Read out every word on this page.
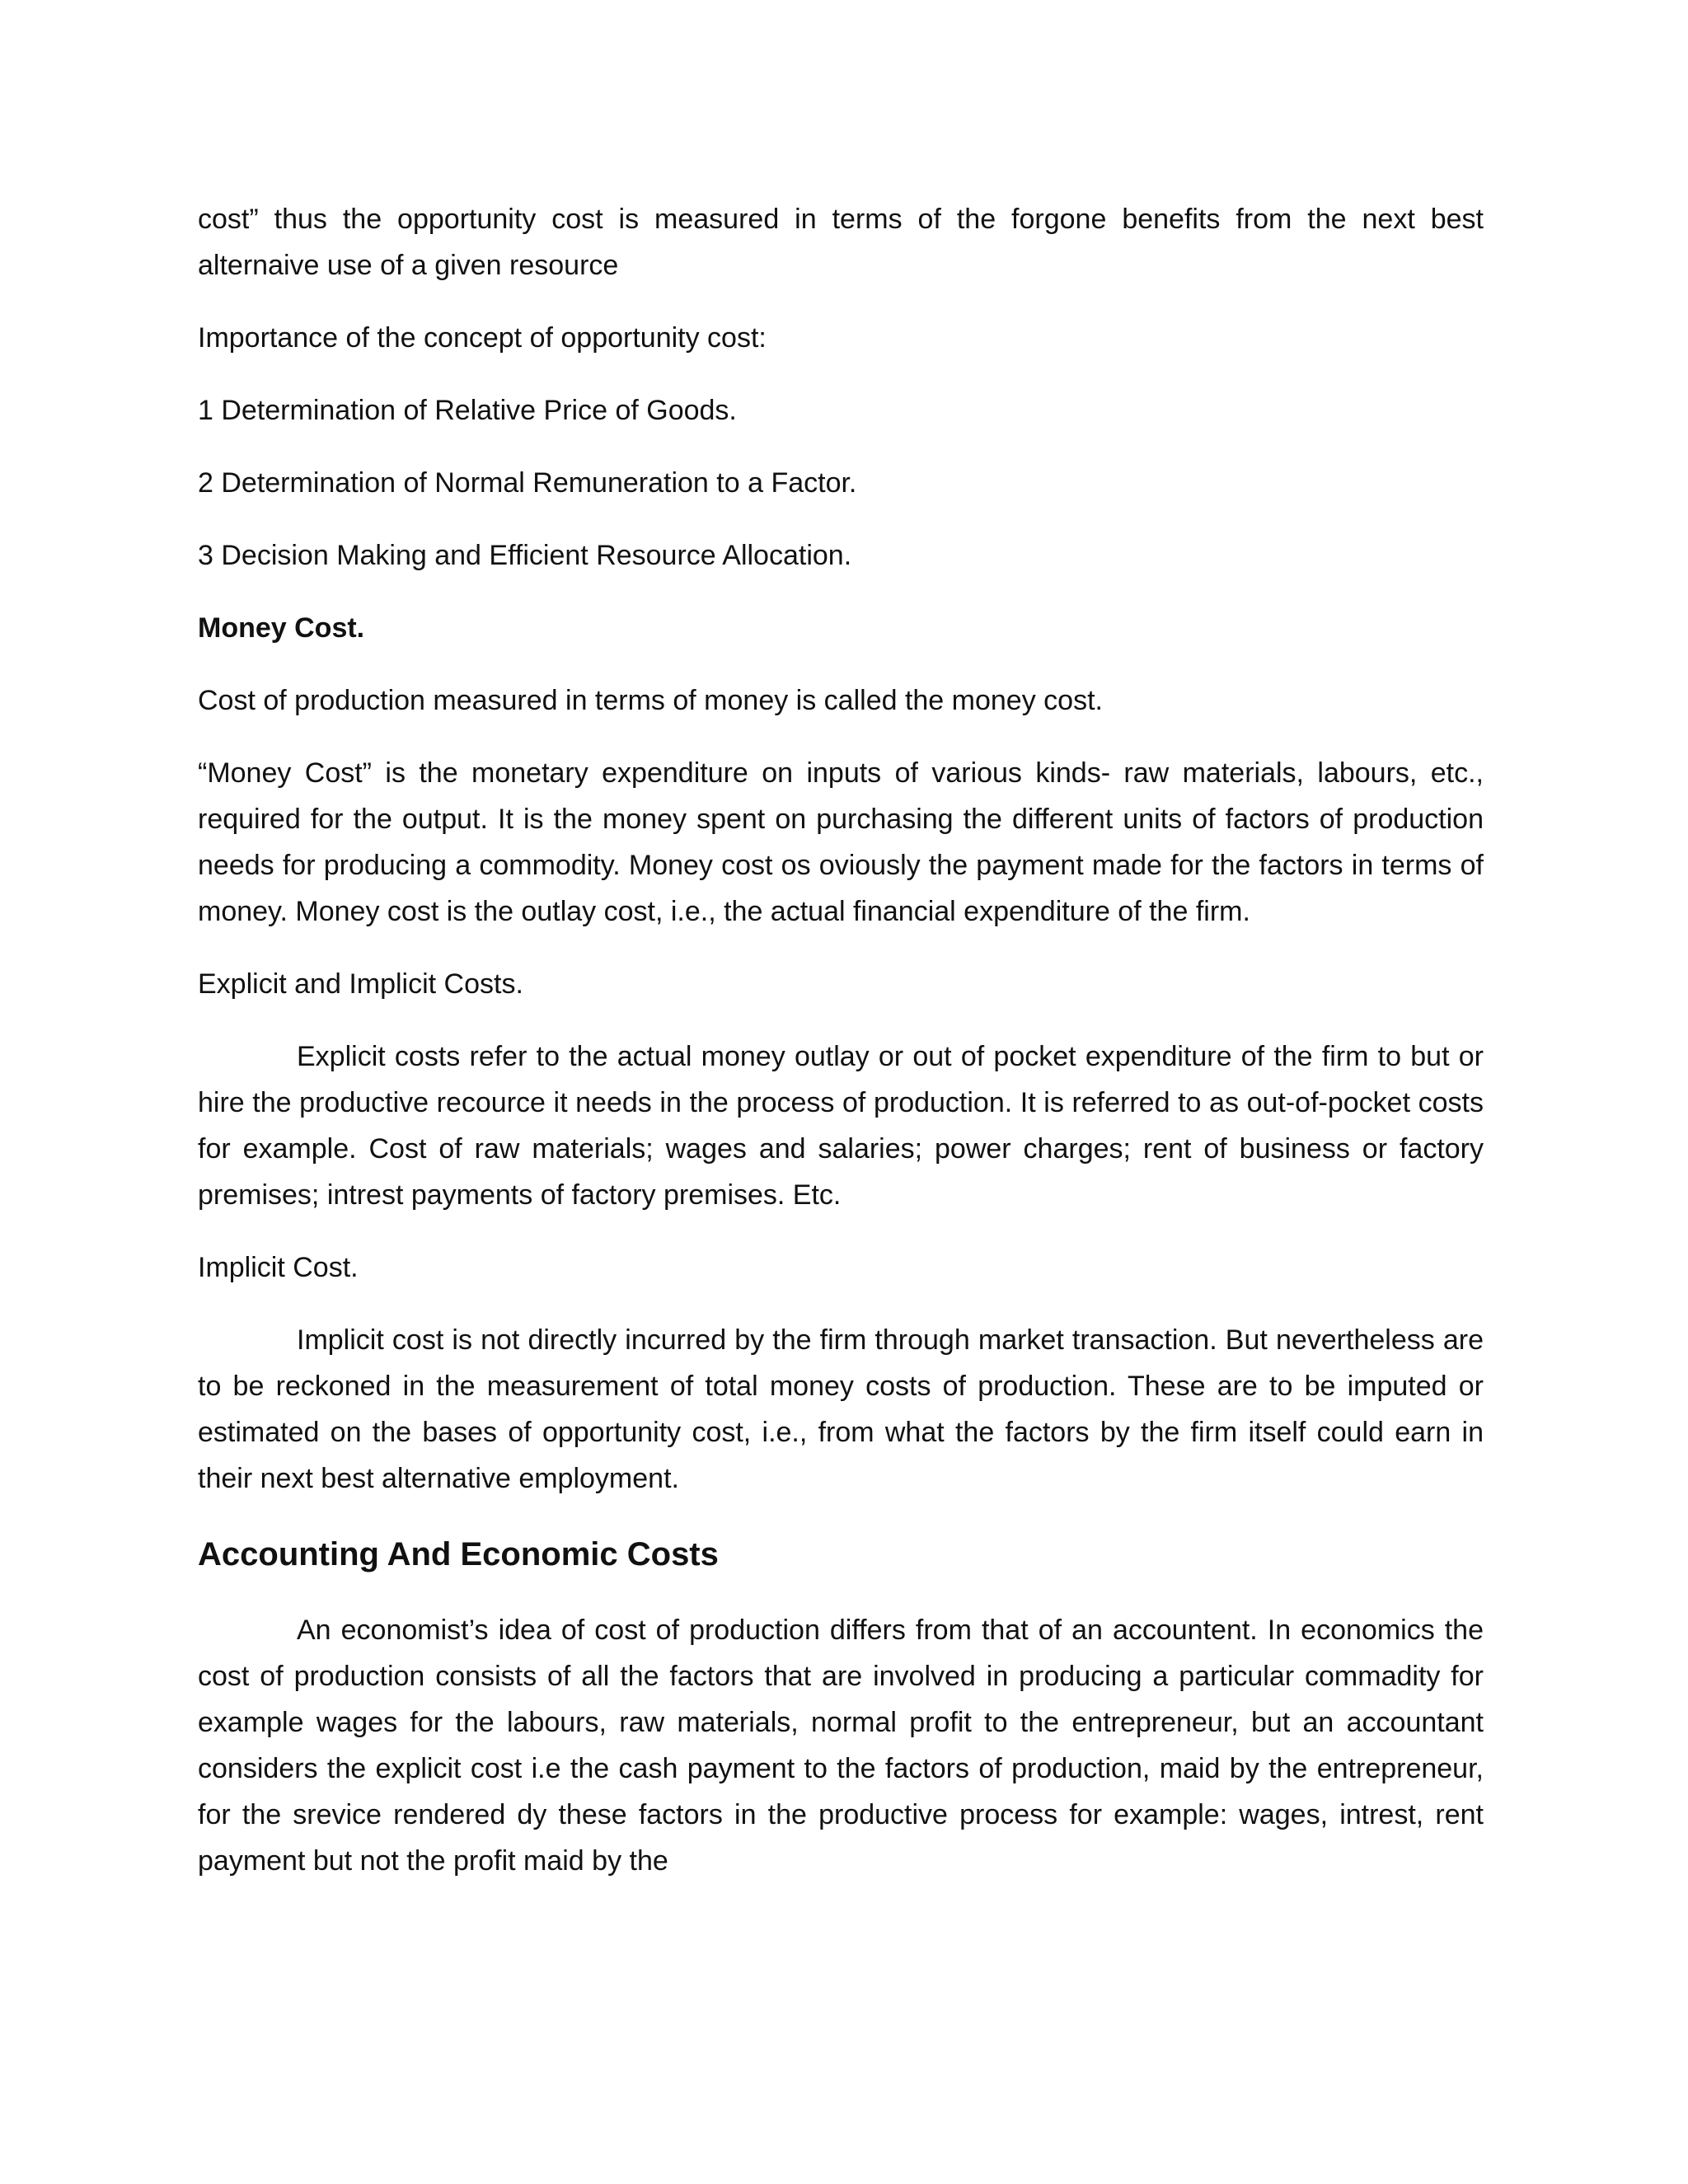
cost” thus the opportunity cost is measured in terms of the forgone benefits from the next best alternaive use of a given resource

Importance of the concept of opportunity cost:

1 Determination of Relative Price of Goods.

2 Determination of Normal Remuneration to a Factor.

3 Decision Making and Efficient Resource Allocation.

Money Cost.

Cost of production measured in terms of money is called the money cost.

“Money Cost” is the monetary expenditure on inputs of various kinds- raw materials, labours, etc., required for the output. It is the money spent on purchasing the different units of factors of production needs for producing a commodity. Money cost os oviously the payment made for the factors in terms of money. Money cost is the outlay cost, i.e., the actual financial expenditure of the firm.

Explicit and Implicit Costs.

Explicit costs refer to the actual money outlay or out of pocket expenditure of the firm to but or hire the productive recource it needs in the process of production. It is referred to as out-of-pocket costs for example. Cost of raw materials; wages and salaries; power charges; rent of business or factory premises; intrest payments of factory premises. Etc.

Implicit Cost.

Implicit cost is not directly incurred by the firm through market transaction. But nevertheless are to be reckoned in the measurement of total money costs of production. These are to be imputed or estimated on the bases of opportunity cost, i.e., from what the factors by the firm itself could earn in their next best alternative employment.

Accounting And Economic Costs

An economist’s idea of cost of production differs from that of an accountent. In economics the cost of production consists of all the factors that are involved in producing a particular commadity for example wages for the labours, raw materials, normal profit to the entrepreneur, but an accountant considers the explicit cost i.e the cash payment to the factors of production, maid by the entrepreneur, for the srevice rendered dy these factors in the productive process for example: wages, intrest, rent payment but not the profit maid by the
